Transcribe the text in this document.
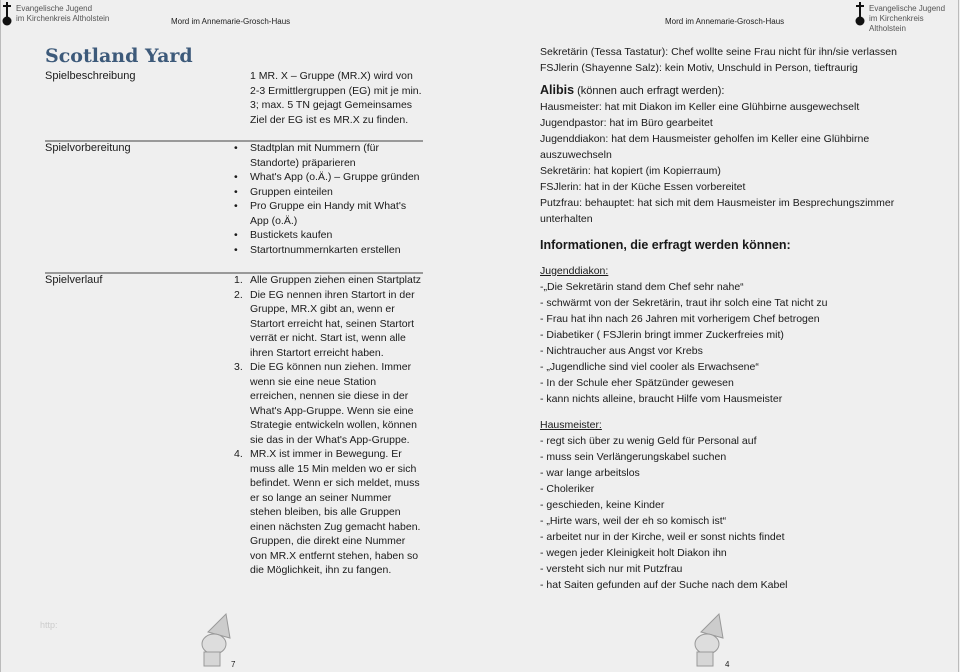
Evangelische Jugend
im Kirchenkreis Altholstein	Mord im Annemarie-Grosch-Haus	Mord im Annemarie-Grosch-Haus
Evangelische Jugend
im Kirchenkreis Altholstein
Scotland Yard
Spielbeschreibung	1 MR. X – Gruppe (MR.X) wird von 2-3 Ermittlergruppen (EG) mit je min. 3; max. 5 TN gejagt Gemeinsames Ziel der EG ist es MR.X zu finden.
Spielvorbereitung	• Stadtplan mit Nummern (für Standorte) präparieren
• What's App (o.Ä.) – Gruppe gründen
• Gruppen einteilen
• Pro Gruppe ein Handy mit What's App (o.Ä.)
• Bustickets kaufen
• Startortnummernkarten erstellen
Spielverlauf	1. Alle Gruppen ziehen einen Startplatz
2. Die EG nennen ihren Startort in der Gruppe, MR.X gibt an, wenn er Startort erreicht hat, seinen Startort verrät er nicht. Start ist, wenn alle ihren Startort erreicht haben.
3. Die EG können nun ziehen. Immer wenn sie eine neue Station erreichen, nennen sie diese in der What's App-Gruppe. Wenn sie eine Strategie entwickeln wollen, können sie das in der What's App-Gruppe.
4. MR.X ist immer in Bewegung. Er muss alle 15 Min melden wo er sich befindet. Wenn er sich meldet, muss er so lange an seiner Nummer stehen bleiben, bis alle Gruppen einen nächsten Zug gemacht haben. Gruppen, die direkt eine Nummer von MR.X entfernt stehen, haben so die Möglichkeit, ihn zu fangen.
http:
7

Sekretärin (Tessa Tastatur): Chef wollte seine Frau nicht für ihn/sie verlassen

FSJlerin (Shayenne Salz): kein Motiv, Unschuld in Person, tieftraurig

Alibis (können auch erfragt werden):

Hausmeister: hat mit Diakon im Keller eine Glühbirne ausgewechselt

Jugendpastor: hat im Büro gearbeitet

Jugenddiakon: hat dem Hausmeister geholfen im Keller eine Glühbirne auszuwechseln

Sekretärin: hat kopiert (im Kopierraum)

FSJlerin: hat in der Küche Essen vorbereitet

Putzfrau: behauptet: hat sich mit dem Hausmeister im Besprechungszimmer unterhalten

Informationen, die erfragt werden können:

Jugenddiakon:

-„Die Sekretärin stand dem Chef sehr nahe“

- schwärmt von der Sekretärin, traut ihr solch eine Tat nicht zu

- Frau hat ihn nach 26 Jahren mit vorherigem Chef betrogen

- Diabetiker ( FSJlerin bringt immer Zuckerfreies mit)

- Nichtraucher aus Angst vor Krebs

- „Jugendliche sind viel cooler als Erwachsene“

- In der Schule eher Spätzünder gewesen

- kann nichts alleine, braucht Hilfe vom Hausmeister

Hausmeister:

- regt sich über zu wenig Geld für Personal auf

- muss sein Verlängerungskabel suchen

- war lange arbeitslos

- Choleriker

- geschieden, keine Kinder

- „Hirte wars, weil der eh so komisch ist“

- arbeitet nur in der Kirche, weil er sonst nichts findet

- wegen jeder Kleinigkeit holt Diakon ihn

- versteht sich nur mit Putzfrau

- hat Saiten gefunden auf der Suche nach dem Kabel

4
